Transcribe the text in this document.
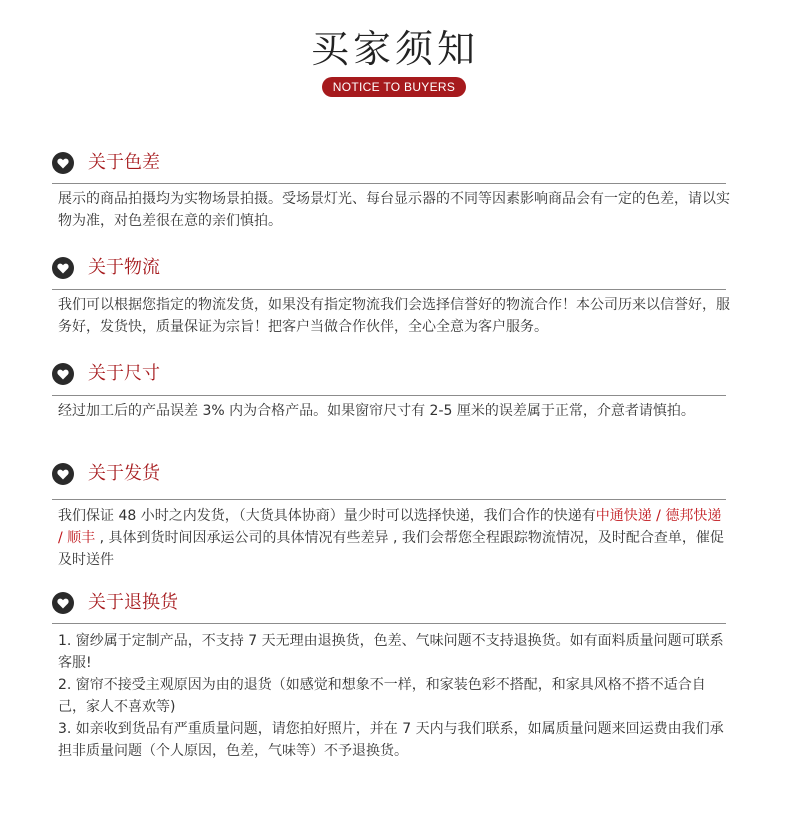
买家须知
NOTICE TO BUYERS
关于色差
展示的商品拍摄均为实物场景拍摄。受场景灯光、每台显示器的不同等因素影响商品会有一定的色差，请以实物为准，对色差很在意的亲们慎拍。
关于物流
我们可以根据您指定的物流发货，如果没有指定物流我们会选择信誉好的物流合作！本公司历来以信誉好，服务好，发货快，质量保证为宗旨！把客户当做合作伙伴，全心全意为客户服务。
关于尺寸
经过加工后的产品误差 3% 内为合格产品。如果窗帘尺寸有 2-5 厘米的误差属于正常，介意者请慎拍。
关于发货
我们保证 48 小时之内发货，（大货具体协商）量少时可以选择快递，我们合作的快递有中通快递 / 德邦快递 / 顺丰 , 具体到货时间因承运公司的具体情况有些差异 , 我们会帮您全程跟踪物流情况，及时配合查单，催促及时送件
关于退换货

1. 窗纱属于定制产品，不支持 7 天无理由退换货，色差、气味问题不支持退换货。如有面料质量问题可联系客服!

2. 窗帘不接受主观原因为由的退货（如感觉和想象不一样，和家装色彩不搭配，和家具风格不搭不适合自己，家人不喜欢等)

3. 如亲收到货品有严重质量问题，请您拍好照片，并在 7 天内与我们联系，如属质量问题来回运费由我们承担非质量问题（个人原因，色差，气味等）不予退换货。
